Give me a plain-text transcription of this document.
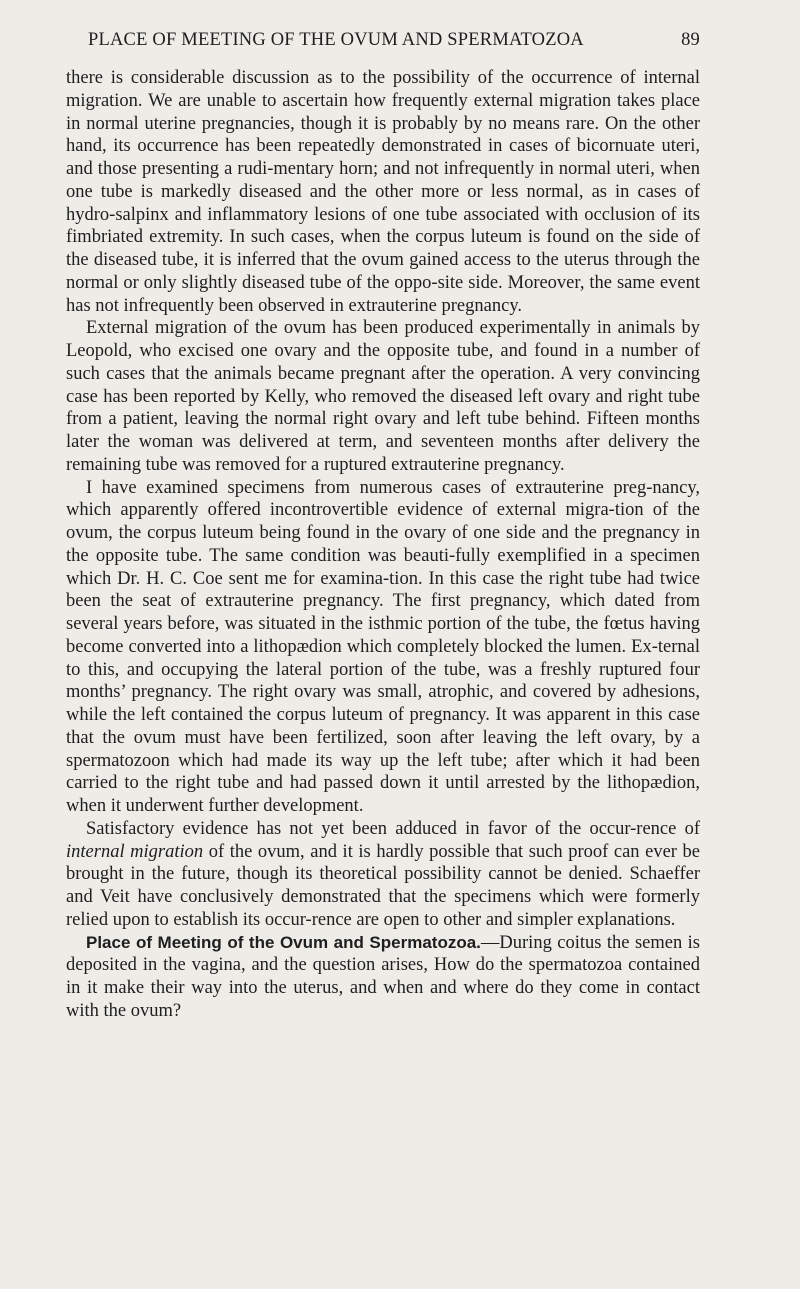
PLACE OF MEETING OF THE OVUM AND SPERMATOZOA	89

there is considerable discussion as to the possibility of the occurrence of internal migration. We are unable to ascertain how frequently external migration takes place in normal uterine pregnancies, though it is probably by no means rare. On the other hand, its occurrence has been repeatedly demonstrated in cases of bicornuate uteri, and those presenting a rudi-mentary horn; and not infrequently in normal uteri, when one tube is markedly diseased and the other more or less normal, as in cases of hydro-salpinx and inflammatory lesions of one tube associated with occlusion of its fimbriated extremity. In such cases, when the corpus luteum is found on the side of the diseased tube, it is inferred that the ovum gained access to the uterus through the normal or only slightly diseased tube of the oppo-site side. Moreover, the same event has not infrequently been observed in extrauterine pregnancy.

External migration of the ovum has been produced experimentally in animals by Leopold, who excised one ovary and the opposite tube, and found in a number of such cases that the animals became pregnant after the operation. A very convincing case has been reported by Kelly, who removed the diseased left ovary and right tube from a patient, leaving the normal right ovary and left tube behind. Fifteen months later the woman was delivered at term, and seventeen months after delivery the remaining tube was removed for a ruptured extrauterine pregnancy.

I have examined specimens from numerous cases of extrauterine preg-nancy, which apparently offered incontrovertible evidence of external migra-tion of the ovum, the corpus luteum being found in the ovary of one side and the pregnancy in the opposite tube. The same condition was beauti-fully exemplified in a specimen which Dr. H. C. Coe sent me for examina-tion. In this case the right tube had twice been the seat of extrauterine pregnancy. The first pregnancy, which dated from several years before, was situated in the isthmic portion of the tube, the fœtus having become converted into a lithopædion which completely blocked the lumen. Ex-ternal to this, and occupying the lateral portion of the tube, was a freshly ruptured four months’ pregnancy. The right ovary was small, atrophic, and covered by adhesions, while the left contained the corpus luteum of pregnancy. It was apparent in this case that the ovum must have been fertilized, soon after leaving the left ovary, by a spermatozoon which had made its way up the left tube; after which it had been carried to the right tube and had passed down it until arrested by the lithopædion, when it underwent further development.

Satisfactory evidence has not yet been adduced in favor of the occur-rence of internal migration of the ovum, and it is hardly possible that such proof can ever be brought in the future, though its theoretical possibility cannot be denied. Schaeffer and Veit have conclusively demonstrated that the specimens which were formerly relied upon to establish its occur-rence are open to other and simpler explanations.

Place of Meeting of the Ovum and Spermatozoa.—During coitus the semen is deposited in the vagina, and the question arises, How do the spermatozoa contained in it make their way into the uterus, and when and where do they come in contact with the ovum?
